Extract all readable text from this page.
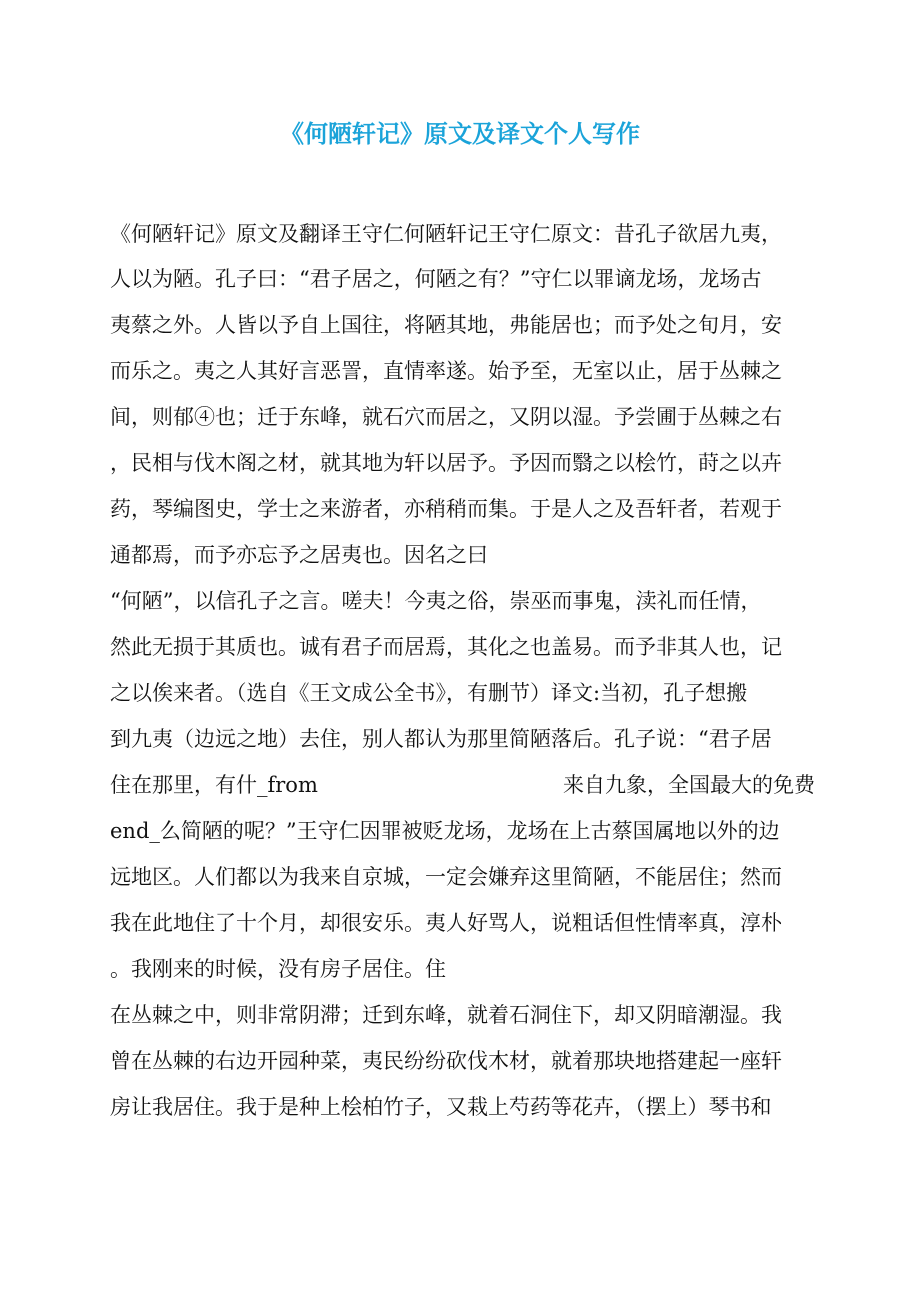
《何陋轩记》原文及译文个人写作
《何陋轩记》原文及翻译王守仁何陋轩记王守仁原文：昔孔子欲居九夷，
人以为陋。孔子曰：“君子居之，何陋之有？”守仁以罪谪龙场，龙场古
夷蔡之外。人皆以予自上国往，将陋其地，弗能居也；而予处之旬月，安
而乐之。夷之人其好言恶詈，直情率遂。始予至，无室以止，居于丛棘之
间，则郁④也；迁于东峰，就石穴而居之，又阴以湿。予尝圃于丛棘之右
，民相与伐木阁之材，就其地为轩以居予。予因而翳之以桧竹，莳之以卉
药，琴编图史，学士之来游者，亦稍稍而集。于是人之及吾轩者，若观于
通都焉，而予亦忘予之居夷也。因名之曰
“何陋”，以信孔子之言。嗟夫！今夷之俗，崇巫而事鬼，渎礼而任情，
然此无损于其质也。诚有君子而居焉，其化之也盖易。而予非其人也，记
之以俟来者。（选自《王文成公全书》，有删节）译文:当初，孔子想搬
到九夷（边远之地）去住，别人都认为那里简陋落后。孔子说：“君子居
住在那里，有什_from	来自九象，全国最大的免费
end_么简陋的呢？”王守仁因罪被贬龙场，龙场在上古蔡国属地以外的边
远地区。人们都以为我来自京城，一定会嫌弃这里简陋，不能居住；然而
我在此地住了十个月，却很安乐。夷人好骂人，说粗话但性情率真，淳朴
。我刚来的时候，没有房子居住。住
在丛棘之中，则非常阴滞；迁到东峰，就着石洞住下，却又阴暗潮湿。我
曾在丛棘的右边开园种菜，夷民纷纷砍伐木材，就着那块地搭建起一座轩
房让我居住。我于是种上桧柏竹子，又栽上芍药等花卉，（摆上）琴书和
